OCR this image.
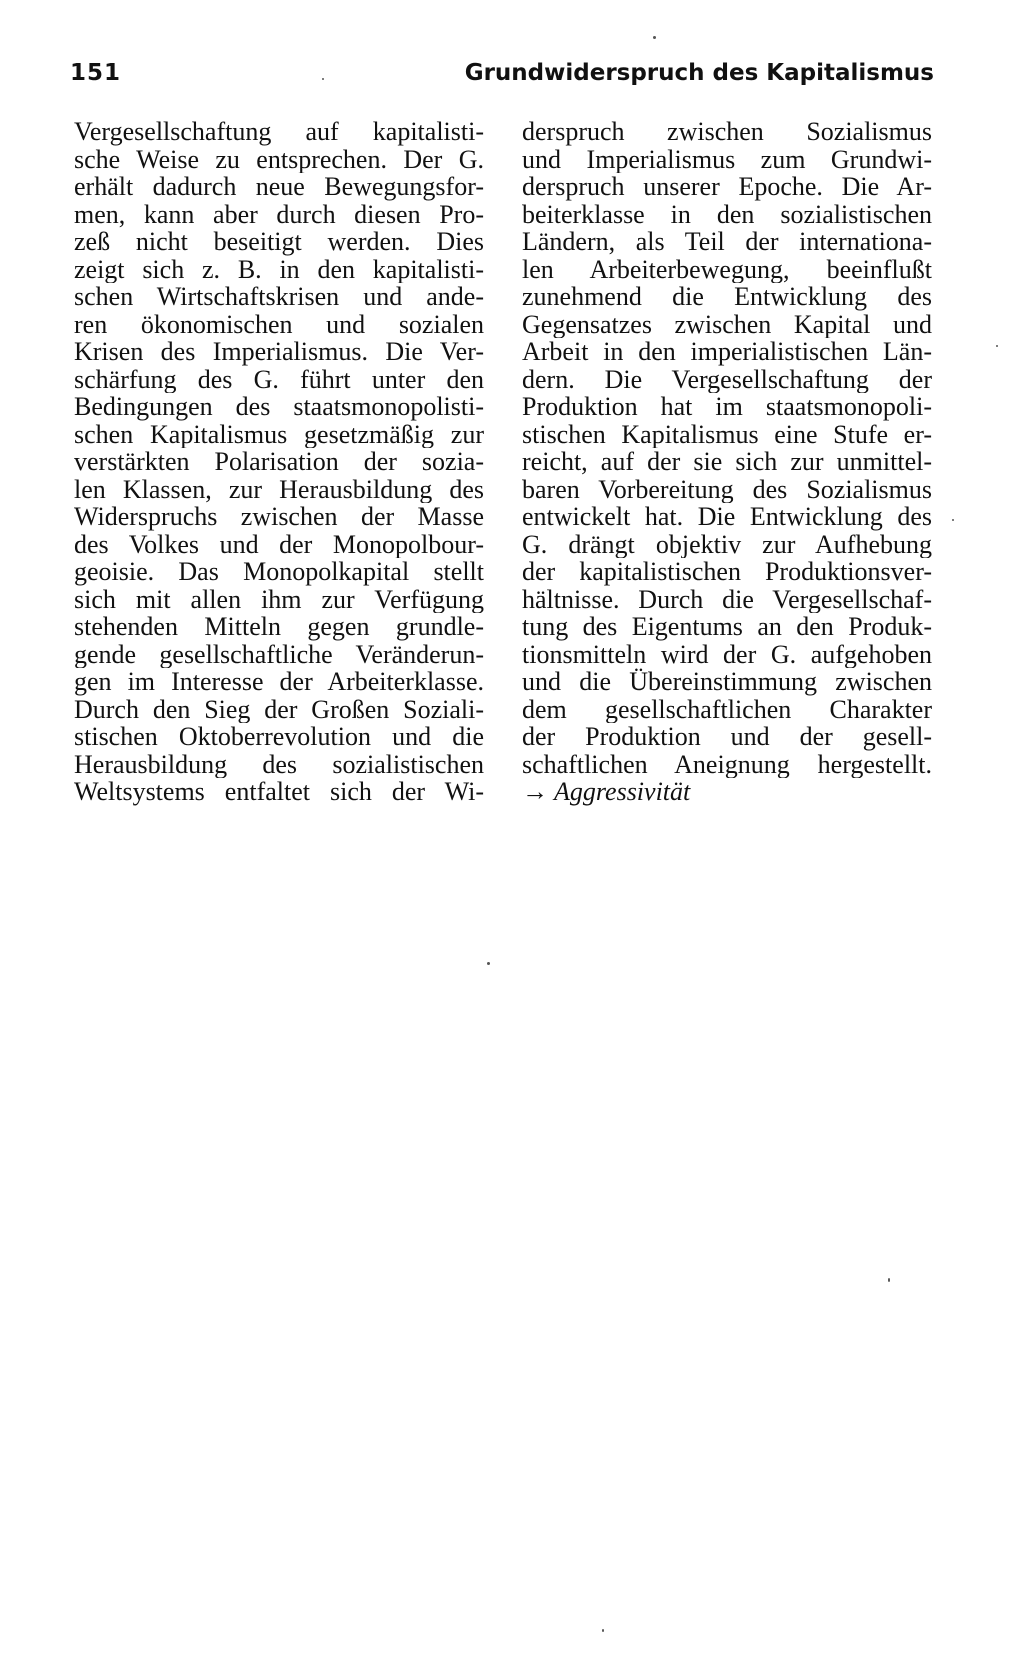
151	Grundwiderspruch des Kapitalismus
Vergesellschaftung auf kapitalisti-
sche Weise zu entsprechen. Der G.
erhält dadurch neue Bewegungsfor-
men, kann aber durch diesen Pro-
zeß nicht beseitigt werden. Dies
zeigt sich z. B. in den kapitalisti-
schen Wirtschaftskrisen und ande-
ren ökonomischen und sozialen
Krisen des Imperialismus. Die Ver-
schärfung des G. führt unter den
Bedingungen des staatsmonopolisti-
schen Kapitalismus gesetzmäßig zur
verstärkten Polarisation der sozia-
len Klassen, zur Herausbildung des
Widerspruchs zwischen der Masse
des Volkes und der Monopolbour-
geoisie. Das Monopolkapital stellt
sich mit allen ihm zur Verfügung
stehenden Mitteln gegen grundle-
gende gesellschaftliche Veränderun-
gen im Interesse der Arbeiterklasse.
Durch den Sieg der Großen Soziali-
stischen Oktoberrevolution und die
Herausbildung des sozialistischen
Weltsystems entfaltet sich der Wi-
derspruch zwischen Sozialismus
und Imperialismus zum Grundwi-
derspruch unserer Epoche. Die Ar-
beiterklasse in den sozialistischen
Ländern, als Teil der internationa-
len Arbeiterbewegung, beeinflußt
zunehmend die Entwicklung des
Gegensatzes zwischen Kapital und
Arbeit in den imperialistischen Län-
dern. Die Vergesellschaftung der
Produktion hat im staatsmonopoli-
stischen Kapitalismus eine Stufe er-
reicht, auf der sie sich zur unmittel-
baren Vorbereitung des Sozialismus
entwickelt hat. Die Entwicklung des
G. drängt objektiv zur Aufhebung
der kapitalistischen Produktionsver-
hältnisse. Durch die Vergesellschaf-
tung des Eigentums an den Produk-
tionsmitteln wird der G. aufgehoben
und die Übereinstimmung zwischen
dem gesellschaftlichen Charakter
der Produktion und der gesell-
schaftlichen Aneignung hergestellt.
→ Aggressivität
